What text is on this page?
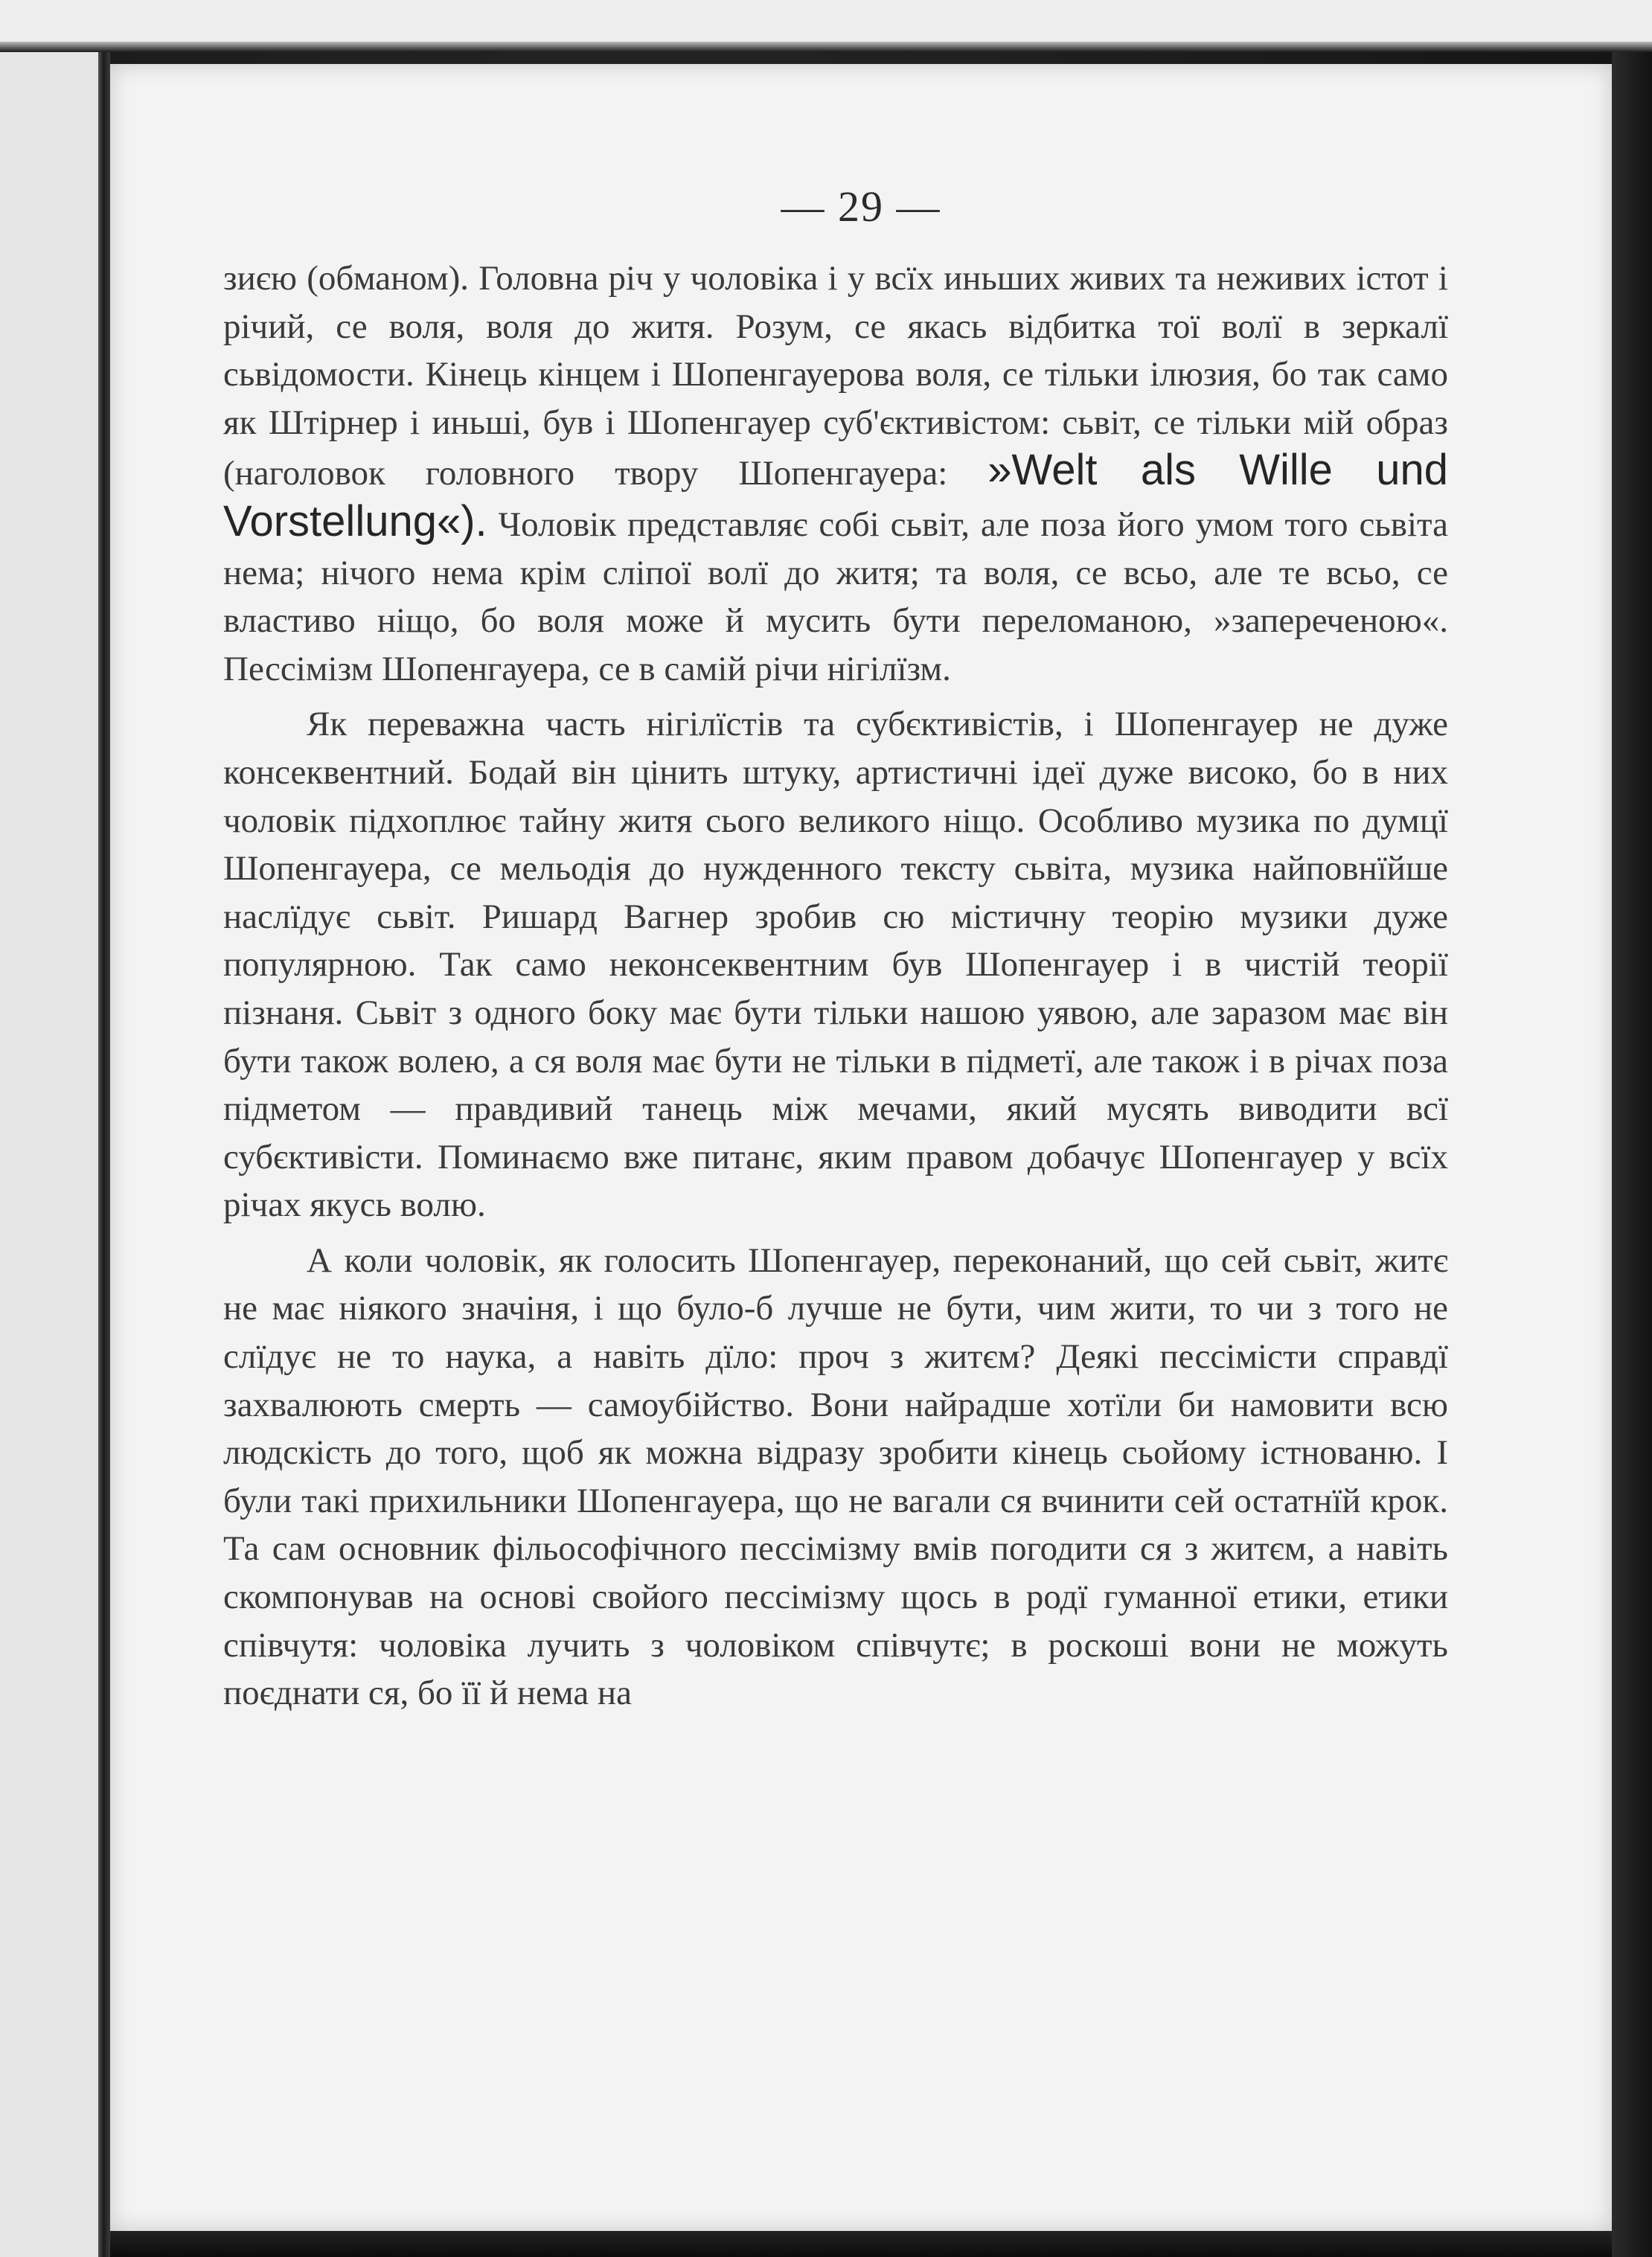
— 29 —

зиєю (обманом). Головна річ у чоловіка і у всїх иньших живих та неживих істот і річий, се воля, воля до житя. Розум, се якась відбитка тої волї в зеркалї сьвідомости. Кінець кінцем і Шопенгауерова воля, се тільки ілюзия, бо так само як Штірнер і иньші, був і Шопенгауер суб'єктивістом: сьвіт, се тільки мій образ (наголовок головного твору Шопенгауера: »Welt als Wille und Vorstellung«). Чоловік представляє собі сьвіт, але поза його умом того сьвіта нема; нічого нема крім сліпої волї до житя; та воля, се всьо, але те всьо, се властиво ніщо, бо воля може й мусить бути переломаною, »запереченою«. Пессімізм Шопенгауера, се в самій річи нігілїзм.

Як переважна часть нігілїстів та субєктивістів, і Шопенгауер не дуже консеквентний. Бодай він цінить штуку, артистичні ідеї дуже високо, бо в них чоловік підхоплює тайну житя сього великого ніщо. Особливо музика по думцї Шопенгауера, се мельодія до нужденного тексту сьвіта, музика найповнїйше наслїдує сьвіт. Ришард Вагнер зробив сю містичну теорію музики дуже популярною. Так само неконсеквентним був Шопенгауер і в чистій теорії пізнаня. Сьвіт з одного боку має бути тільки нашою уявою, але заразом має він бути також волею, а ся воля має бути не тільки в підметї, але також і в річах поза підметом — правдивий танець між мечами, який мусять виводити всї субєктивісти. Поминаємо вже питанє, яким правом добачує Шопенгауер у всїх річах якусь волю.

А коли чоловік, як голосить Шопенгауер, переконаний, що сей сьвіт, житє не має ніякого значіня, і що було-б лучше не бути, чим жити, то чи з того не слїдує не то наука, а навіть дїло: проч з житєм? Деякі пессімісти справдї захвалюють смерть — самоубійство. Вони найрадше хотїли би намовити всю людскість до того, щоб як можна відразу зробити кінець сьойому істнованю. І були такі прихильники Шопенгауера, що не вагали ся вчинити сей остатнїй крок. Та сам основник фільософічного пессімізму вмів погодити ся з житєм, а навіть скомпонував на основі свойого пессімізму щось в родї гуманної етики, етики співчутя: чоловіка лучить з чоловіком співчутє; в роскоші вони не можуть поєднати ся, бо її й нема на
